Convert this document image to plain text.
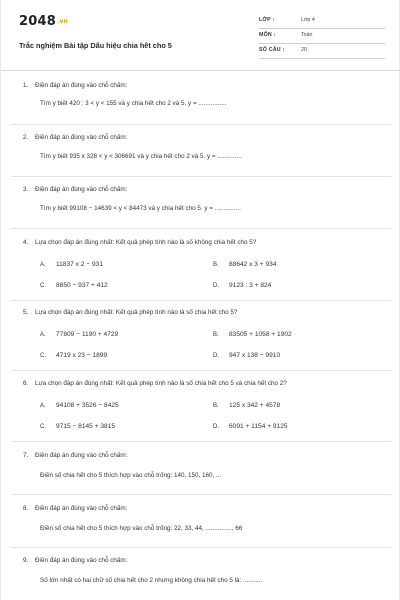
2048.vn
Trắc nghiệm Bài tập Dấu hiệu chia hết cho 5
LỚP :	Lớp 4
MÔN :	Toán
SỐ CÂU :	20
1. Điền đáp án đúng vào chỗ chấm:
Tìm y biết 420 : 3 < y < 155 và y chia hết cho 2 và 5. y = ................
2. Điền đáp án đúng vào chỗ chấm:
Tìm y biết 935 x 328 < y < 306691 và y chia hết cho 2 và 5. y = ..............
3. Điền đáp án đúng vào chỗ chấm:
Tìm y biết 99108 − 14639 < y < 84473 và y chia hết cho 5. y = ...............
4. Lựa chọn đáp án đúng nhất: Kết quả phép tính nào là số không chia hết cho 5?
A. 11837 x 2 − 931	B. 88642 x 3 + 934
C. 8850 − 937 + 412	D. 9123 : 3 + 824
5. Lựa chọn đáp án đúng nhất: Kết quả phép tính nào là số chia hết cho 5?
A. 77809 − 1190 + 4729	B. 83505 + 1058 + 1902
C. 4719 x 23 − 1899	D. 947 x 138 − 9910
6. Lựa chọn đáp án đúng nhất: Kết quả phép tính nào là số chia hết cho 5 và chia hết cho 2?
A. 94108 + 3526 − 8425	B. 125 x 342 + 4578
C. 9715 − 8145 + 3815	D. 6091 + 1154 + 9125
7. Điền đáp án đúng vào chỗ chấm:
Điền số chia hết cho 5 thích hợp vào chỗ trống: 140, 150, 160, ...
8. Điền đáp án đúng vào chỗ chấm:
Điền số chia hết cho 5 thích hợp vào chỗ trống: 22, 33, 44, ..............., 66
9. Điền đáp án đúng vào chỗ chấm:
Số lớn nhất có hai chữ số chia hết cho 2 nhưng không chia hết cho 5 là: ...........
